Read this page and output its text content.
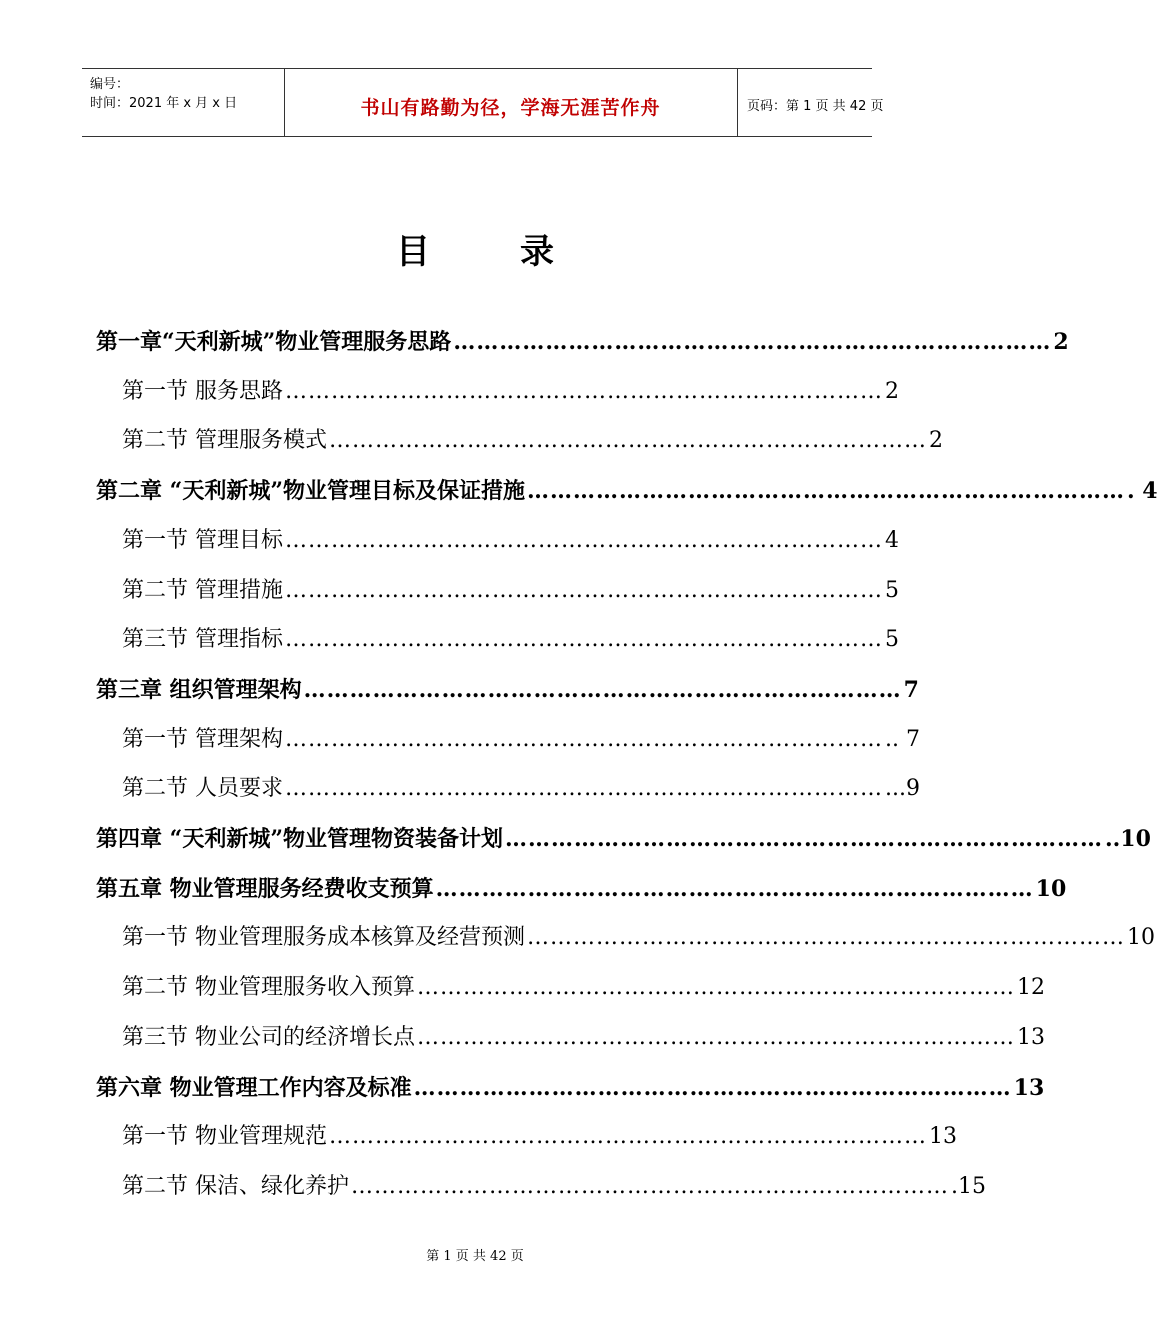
编号：
时间：2021 年 x 月 x 日	书山有路勤为径，学海无涯苦作舟	页码：第 1 页 共 42 页
目	录
第一章“天利新城”物业管理服务思路 …………………………………………………………………… 2
第一节 服务思路 …………………………………………………………………… 2
第二节 管理服务模式 …………………………………………………………………… 2
第二章 “天利新城”物业管理目标及保证措施 …………………………………………………………………… . 4
第一节 管理目标 …………………………………………………………………… 4
第二节 管理措施 …………………………………………………………………… 5
第三节 管理指标 …………………………………………………………………… 5
第三章 组织管理架构 …………………………………………………………………… 7
第一节 管理架构 …………………………………………………………………… .. 7
第二节 人员要求 …………………………………………………………………… ...9
第四章 “天利新城”物业管理物资装备计划 …………………………………………………………………… ..10
第五章 物业管理服务经费收支预算 …………………………………………………………………… 10
第一节 物业管理服务成本核算及经营预测 …………………………………………………………………… 10
第二节 物业管理服务收入预算 …………………………………………………………………… 12
第三节 物业公司的经济增长点 …………………………………………………………………… 13
第六章 物业管理工作内容及标准 …………………………………………………………………… 13
第一节 物业管理规范 …………………………………………………………………… 13
第二节 保洁、绿化养护 …………………………………………………………………… .15
第 1 页 共 42 页
